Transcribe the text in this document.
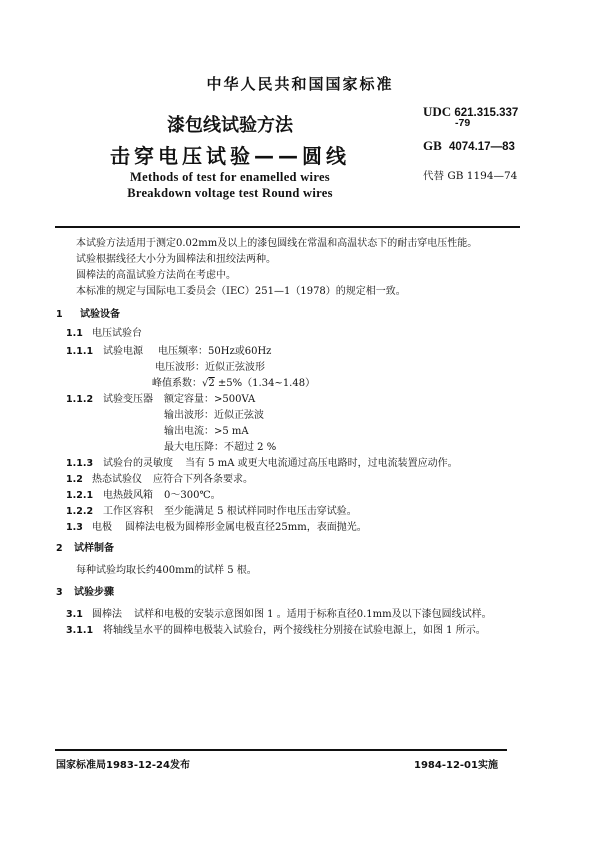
中华人民共和国国家标准
漆包线试验方法
击穿电压试验——圆线
Methods of test for enamelled wires
Breakdown voltage test Round wires
UDC 621.315.337
-79
GB 4074.17—83
代替 GB 1194—74
本试验方法适用于测定0.02mm及以上的漆包圆线在常温和高温状态下的耐击穿电压性能。
试验根据线径大小分为圆棒法和扭绞法两种。
圆棒法的高温试验方法尚在考虑中。
本标准的规定与国际电工委员会（IEC）251—1（1978）的规定相一致。
1 试验设备
1.1 电压试验台
1.1.1 试验电源 电压频率：50Hz或60Hz
电压波形：近似正弦波形
峰值系数：√2 ±5%（1.34~1.48）
1.1.2 试验变压器 额定容量：>500VA
输出波形：近似正弦波
输出电流：>5 mA
最大电压降：不超过 2 %
1.1.3 试验台的灵敏度 当有 5 mA 或更大电流通过高压电路时，过电流装置应动作。
1.2 热态试验仪 应符合下列各条要求。
1.2.1 电热鼓风箱 0～300℃。
1.2.2 工作区容积 至少能满足 5 根试样同时作电压击穿试验。
1.3 电极 圆棒法电极为圆棒形金属电极直径25mm，表面抛光。
2 试样制备
每种试验均取长约400mm的试样 5 根。
3 试验步骤
3.1 圆棒法 试样和电极的安装示意图如图 1 。适用于标称直径0.1mm及以下漆包圆线试样。
3.1.1 将轴线呈水平的圆棒电极装入试验台，两个接线柱分别接在试验电源上，如图 1 所示。
国家标准局1983-12-24发布	1984-12-01实施
